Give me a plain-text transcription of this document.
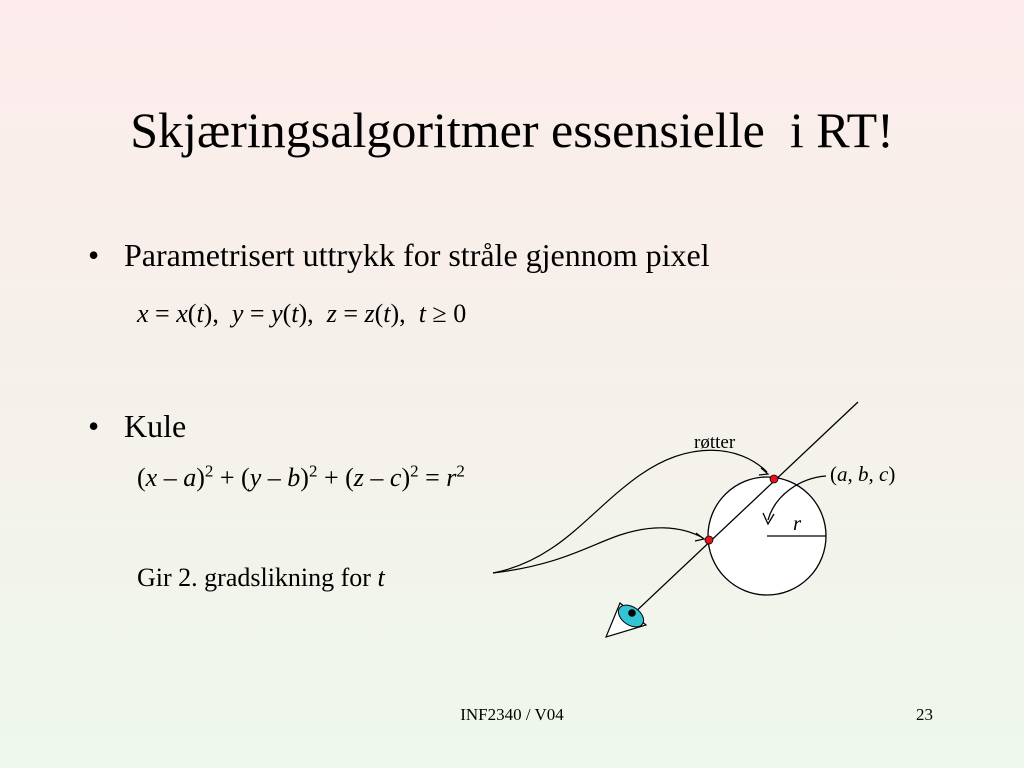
Skjæringsalgoritmer essensielle  i RT!
• Parametrisert uttrykk for stråle gjennom pixel
x = x(t),  y = y(t),  z = z(t),  t ≥ 0
• Kule
$(x - a)^2 + (y - b)^2 + (z - c)^2 = r^2$
Gir 2. gradslikning for t
røtter
(a, b, c)
r
INF2340 / V04	23
